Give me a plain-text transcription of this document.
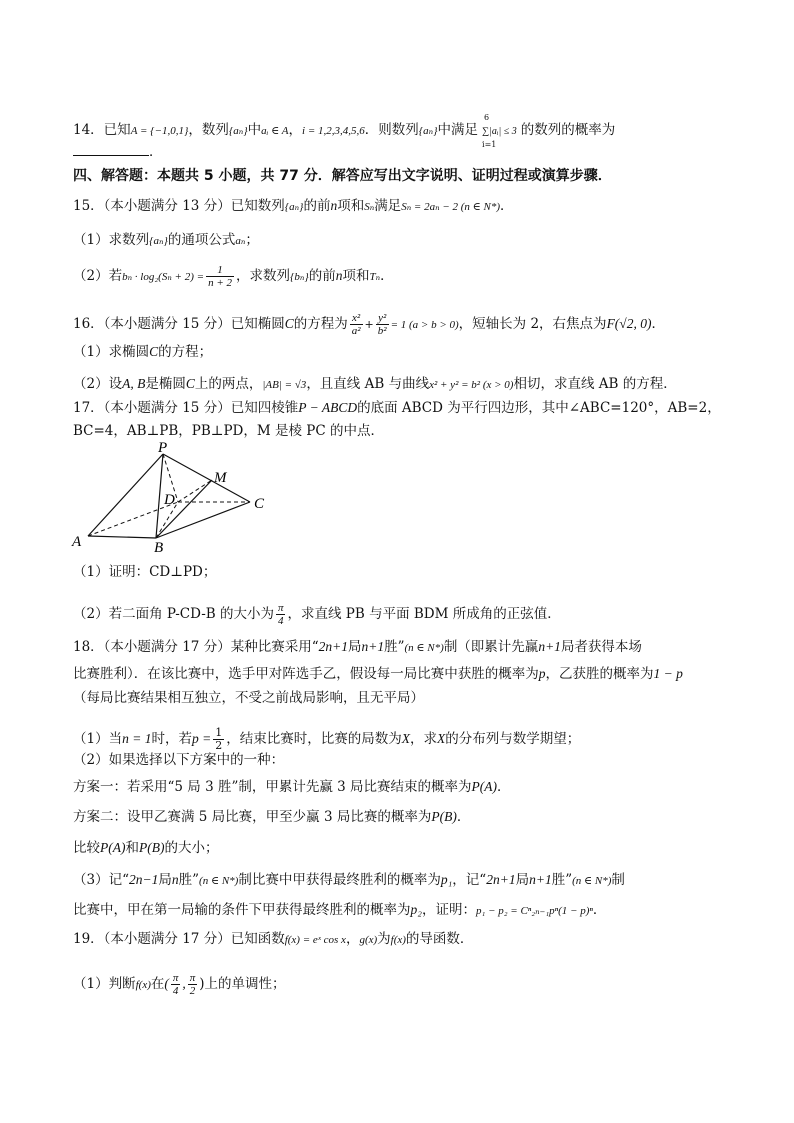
14．已知A = {−1,0,1}，数列{aₙ}中aᵢ ∈ A，i = 1,2,3,4,5,6．则数列{aₙ}中满足
6
∑|aᵢ| ≤ 3
i=1
的数列的概率为
．
四、解答题：本题共 5 小题，共 77 分．解答应写出文字说明、证明过程或演算步骤．
15．（本小题满分 13 分）已知数列{aₙ}的前n项和Sₙ满足Sₙ = 2aₙ − 2 (n ∈ N*)．
（1）求数列{aₙ}的通项公式aₙ；
（2）若$b_n \cdot \log_2(S_n + 2) = \frac{1}{n + 2}$ ，求数列{bₙ}的前n项和Tₙ．
16．（本小题满分 15 分）已知椭圆C的方程为 $\frac{\text{x²}}{\text{a²}} + \frac{\text{y²}}{\text{b²}} = 1$ (a > b > 0)，短轴长为 2，右焦点为F(√2, 0)．
（1）求椭圆C的方程；
（2）设A, B是椭圆C上的两点，|AB| = √3，且直线 AB 与曲线x² + y² = b² (x > 0)相切，求直线 AB 的方程．
17．（本小题满分 15 分）已知四棱锥P − ABCD的底面 ABCD 为平行四边形，其中∠ABC=120°，AB=2，
BC=4，AB⊥PB，PB⊥PD，M 是棱 PC 的中点．
P
M
D	C
A	B
（1）证明：CD⊥PD；
（2）若二面角 P-CD-B 的大小为 $\frac{\pi}{4}$ ，求直线 PB 与平面 BDM 所成角的正弦值．
18．（本小题满分 17 分）某种比赛采用“2n+1局n+1胜”(n ∈ N*)制（即累计先赢n+1局者获得本场
比赛胜利）．在该比赛中，选手甲对阵选手乙，假设每一局比赛中获胜的概率为p，乙获胜的概率为1 − p
（每局比赛结果相互独立，不受之前战局影响，且无平局）
（1）当n = 1时，若$p = \frac{1}{2}$ ，结束比赛时，比赛的局数为X，求X的分布列与数学期望；
（2）如果选择以下方案中的一种：
方案一：若采用“5 局 3 胜”制，甲累计先赢 3 局比赛结束的概率为P(A)．
方案二：设甲乙赛满 5 局比赛，甲至少赢 3 局比赛的概率为P(B)．
比较P(A)和P(B)的大小；
（3）记“2n−1局n胜”(n ∈ N*)制比赛中甲获得最终胜利的概率为p₁，记“2n+1局n+1胜”(n ∈ N*)制
比赛中，甲在第一局输的条件下甲获得最终胜利的概率为p₂，证明：p₁ − p₂ = Cⁿ₂ₙ₋₁pⁿ(1 − p)ⁿ．
19．（本小题满分 17 分）已知函数f(x) = eˣ cos x，g(x)为f(x)的导函数．
（1）判断f(x)在( $\frac{\pi}{4}$ , $\frac{\pi}{2}$ )上的单调性；
